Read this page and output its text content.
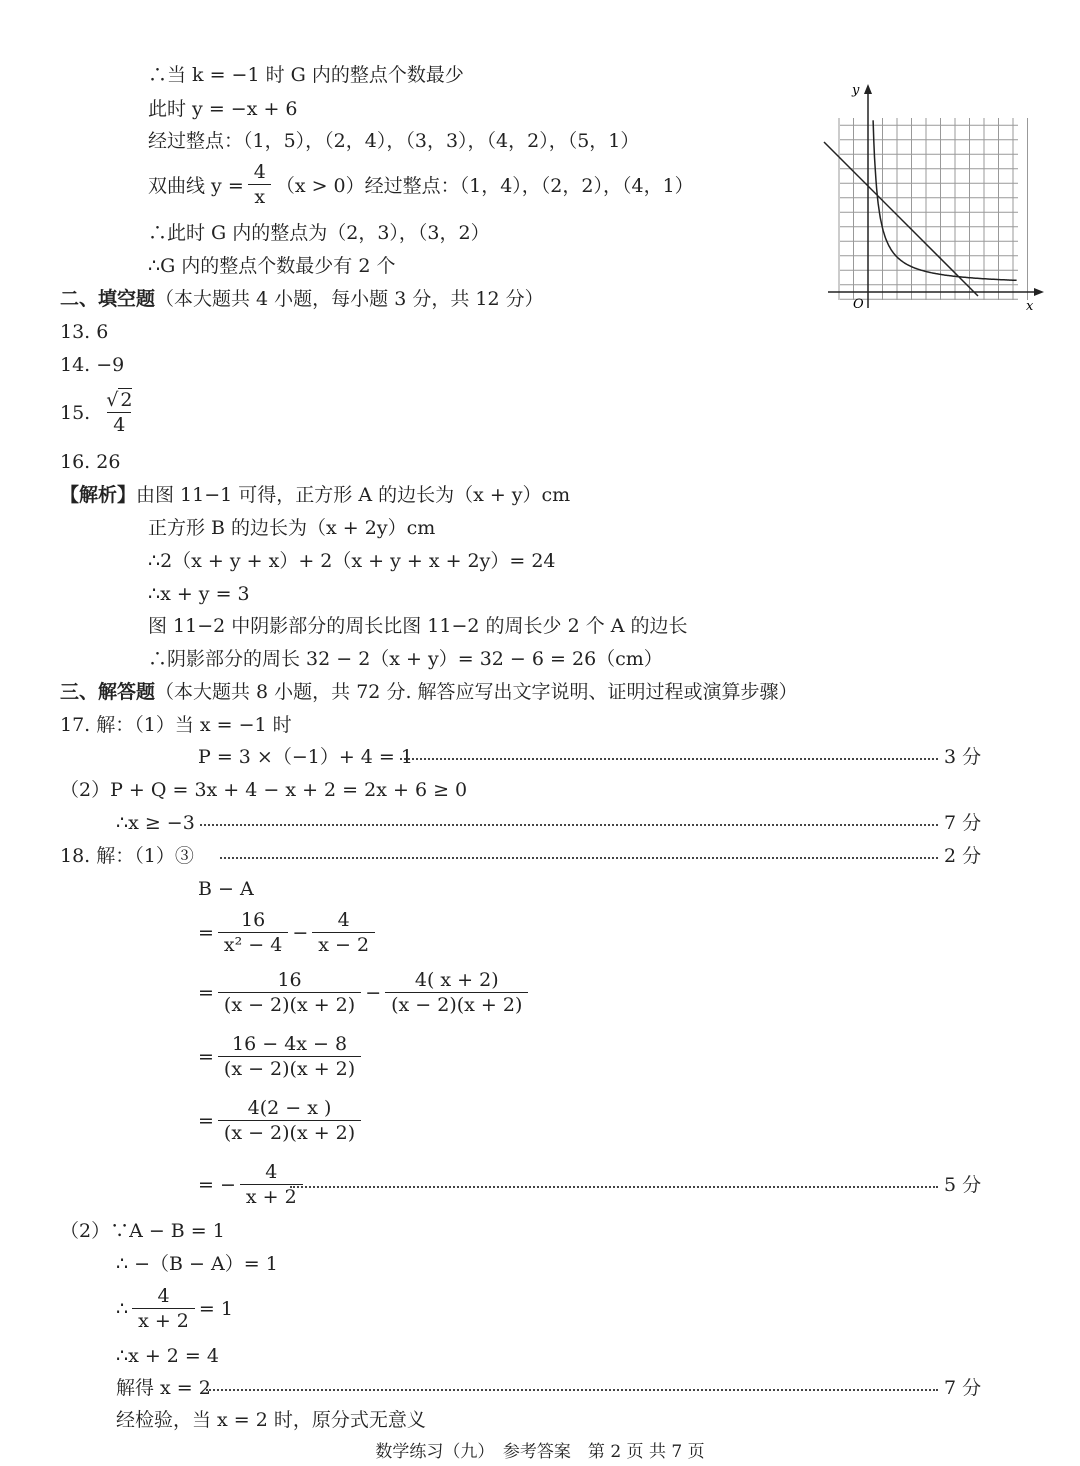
∴当 k = −1 时 G 内的整点个数最少
此时 y = −x + 6
经过整点：（1，5），（2，4），（3，3），（4，2），（5，1）
双曲线 $y = \frac{4}{x} (x > 0)$经过整点：（1，4），（2，2），（4，1）
∴此时 G 内的整点为（2，3），（3，2）
∴G 内的整点个数最少有 2 个
y
x
O
二、填空题（本大题共 4 小题，每小题 3 分，共 12 分）
13. 6
14. −9
15. $\frac{√ 2}{4}$
16. 26
【解析】由图 11−1 可得，正方形 A 的边长为（x + y）cm
正方形 B 的边长为（x + 2y）cm
∴2（x + y + x）+ 2（x + y + x + 2y）= 24
∴x + y = 3
图 11−2 中阴影部分的周长比图 11−2 的周长少 2 个 A 的边长
∴阴影部分的周长 32 − 2（x + y）= 32 − 6 = 26（cm）
三、解答题（本大题共 8 小题，共 72 分. 解答应写出文字说明、证明过程或演算步骤）
17. 解：（1）当 x = −1 时
P = 3 ×（−1）+ 4 = 1	3 分
（2）P + Q = 3x + 4 − x + 2 = 2x + 6 ≥ 0
∴x ≥ −3	7 分
18. 解：（1）③	2 分
B − A
= $\frac{16}{\text{x² − 4}} - \frac{4}{x - 2}$
= $\frac{16}{(x - 2)(x + 2)} - \frac{4( x + 2)}{(x - 2)(x + 2)}$
= $\frac{16 - 4x - 8}{(x - 2)(x + 2)}$
= $\frac{4(2 - x )}{(x - 2)(x + 2)}$
= − $\frac{4}{x + 2}$	5 分
（2）∵A − B = 1
∴ −（B − A）= 1
∴ $\frac{4}{x + 2} = 1$
∴x + 2 = 4
解得 x = 2	7 分
经检验，当 x = 2 时，原分式无意义
数学练习（九）　参考答案　第 2 页 共 7 页
